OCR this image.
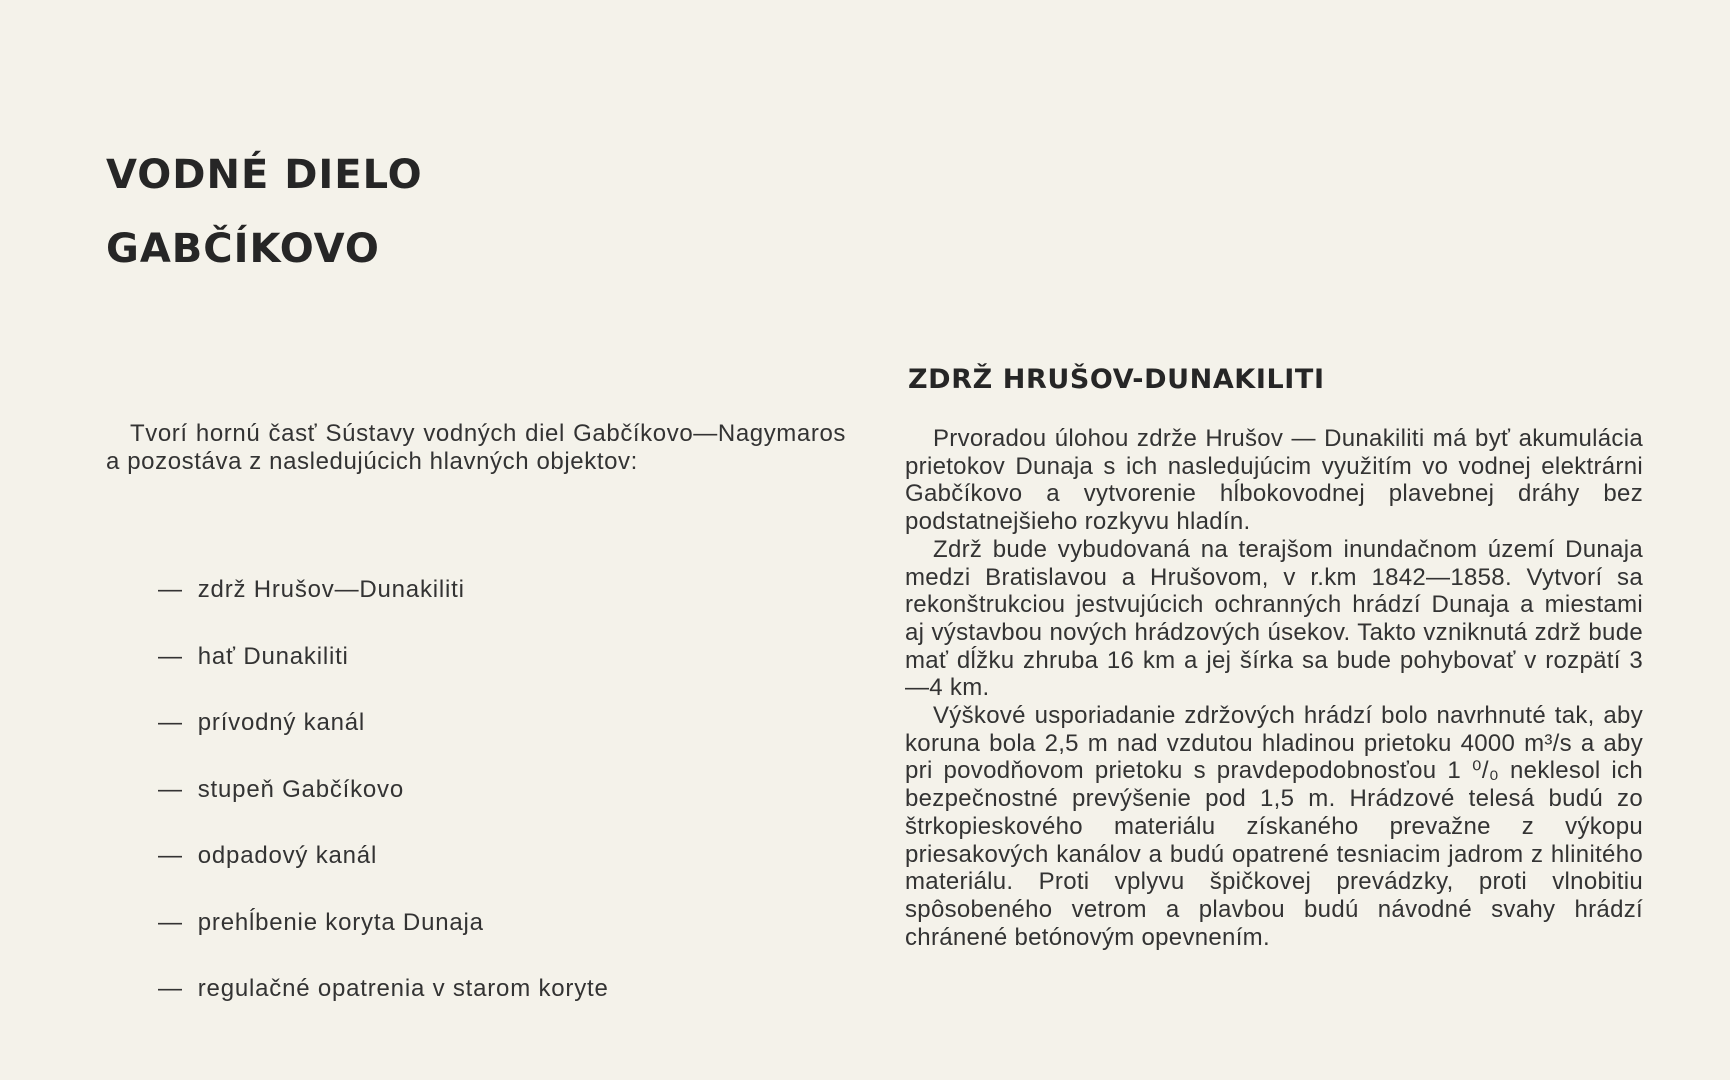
VODNÉ DIELO
GABČÍKOVO

Tvorí hornú časť Sústavy vodných diel Gabčíkovo—Nagymaros a pozostáva z nasledujúcich hlavných objektov:

—  zdrž Hrušov—Dunakiliti
—  hať Dunakiliti
—  prívodný kanál
—  stupeň Gabčíkovo
—  odpadový kanál
—  prehĺbenie koryta Dunaja
—  regulačné opatrenia v starom koryte
ZDRŽ HRUŠOV-DUNAKILITI

Prvoradou úlohou zdrže Hrušov — Dunakiliti má byť akumulácia prietokov Dunaja s ich nasledujúcim využitím vo vodnej elektrárni Gabčíkovo a vytvorenie hĺbokovodnej plavebnej dráhy bez podstatnejšieho rozkyvu hladín.

Zdrž bude vybudovaná na terajšom inundačnom území Dunaja medzi Bratislavou a Hrušovom, v r.km 1842—1858. Vytvorí sa rekonštrukciou jestvujúcich ochranných hrádzí Dunaja a miestami aj výstavbou nových hrádzových úsekov. Takto vzniknutá zdrž bude mať dĺžku zhruba 16 km a jej šírka sa bude pohybovať v rozpätí 3—4 km.

Výškové usporiadanie zdržových hrádzí bolo navrhnuté tak, aby koruna bola 2,5 m nad vzdutou hladinou prietoku 4000 m³/s a aby pri povodňovom prietoku s pravdepodobnosťou 1 ⁰/₀ neklesol ich bezpečnostné prevýšenie pod 1,5 m. Hrádzové telesá budú zo štrkopieskového materiálu získaného prevažne z výkopu priesakových kanálov a budú opatrené tesniacim jadrom z hlinitého materiálu. Proti vplyvu špičkovej prevádzky, proti vlnobitiu spôsobeného vetrom a plavbou budú návodné svahy hrádzí chránené betónovým opevnením.
